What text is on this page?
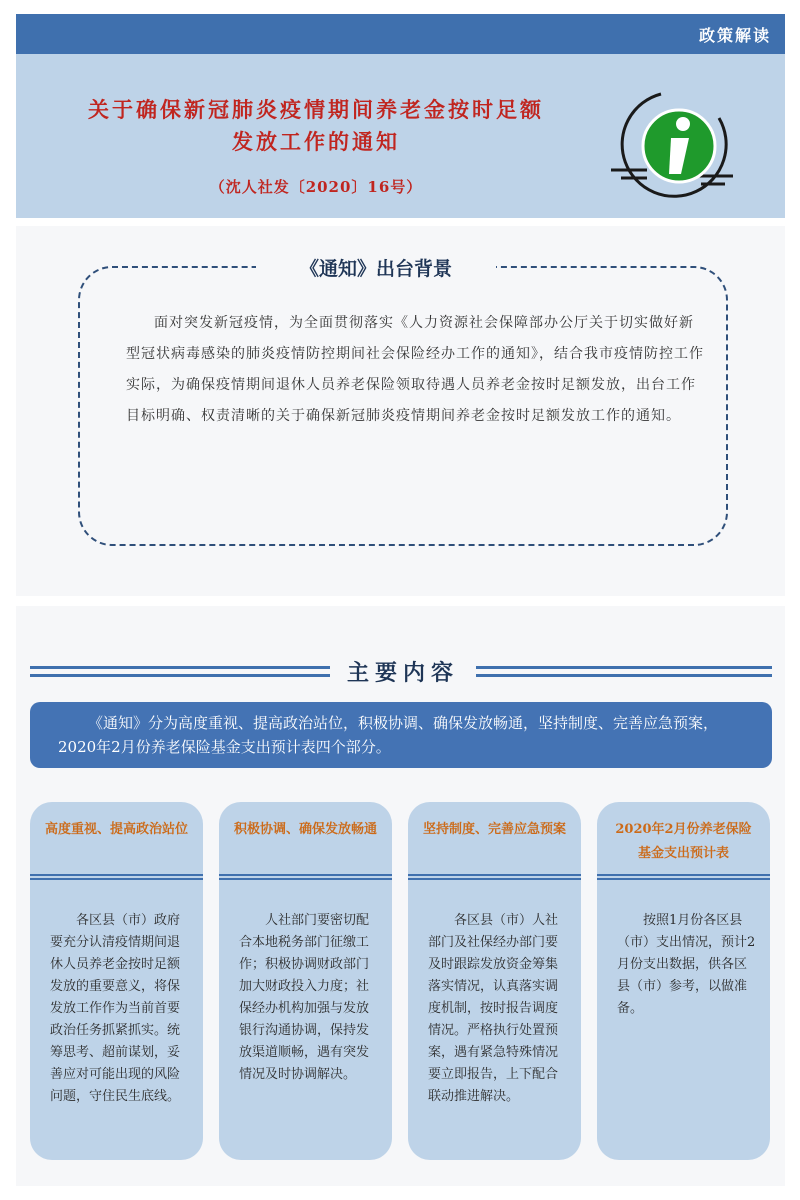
政策解读
关于确保新冠肺炎疫情期间养老金按时足额
发放工作的通知
（沈人社发〔2020〕16号）
《通知》出台背景
面对突发新冠疫情，为全面贯彻落实《人力资源社会保障部办公厅关于切实做好新型冠状病毒感染的肺炎疫情防控期间社会保险经办工作的通知》，结合我市疫情防控工作实际，为确保疫情期间退休人员养老保险领取待遇人员养老金按时足额发放，出台工作目标明确、权责清晰的关于确保新冠肺炎疫情期间养老金按时足额发放工作的通知。
主要内容
《通知》分为高度重视、提高政治站位，积极协调、确保发放畅通，坚持制度、完善应急预案，2020年2月份养老保险基金支出预计表四个部分。
高度重视、提高政治站位
各区县（市）政府要充分认清疫情期间退休人员养老金按时足额发放的重要意义，将保发放工作作为当前首要政治任务抓紧抓实。统筹思考、超前谋划，妥善应对可能出现的风险问题，守住民生底线。
积极协调、确保发放畅通
人社部门要密切配合本地税务部门征缴工作；积极协调财政部门加大财政投入力度；社保经办机构加强与发放银行沟通协调，保持发放渠道顺畅，遇有突发情况及时协调解决。
坚持制度、完善应急预案
各区县（市）人社部门及社保经办部门要及时跟踪发放资金筹集落实情况，认真落实调度机制，按时报告调度情况。严格执行处置预案，遇有紧急特殊情况要立即报告，上下配合联动推进解决。
2020年2月份养老保险基金支出预计表
按照1月份各区县（市）支出情况，预计2月份支出数据，供各区县（市）参考，以做准备。
